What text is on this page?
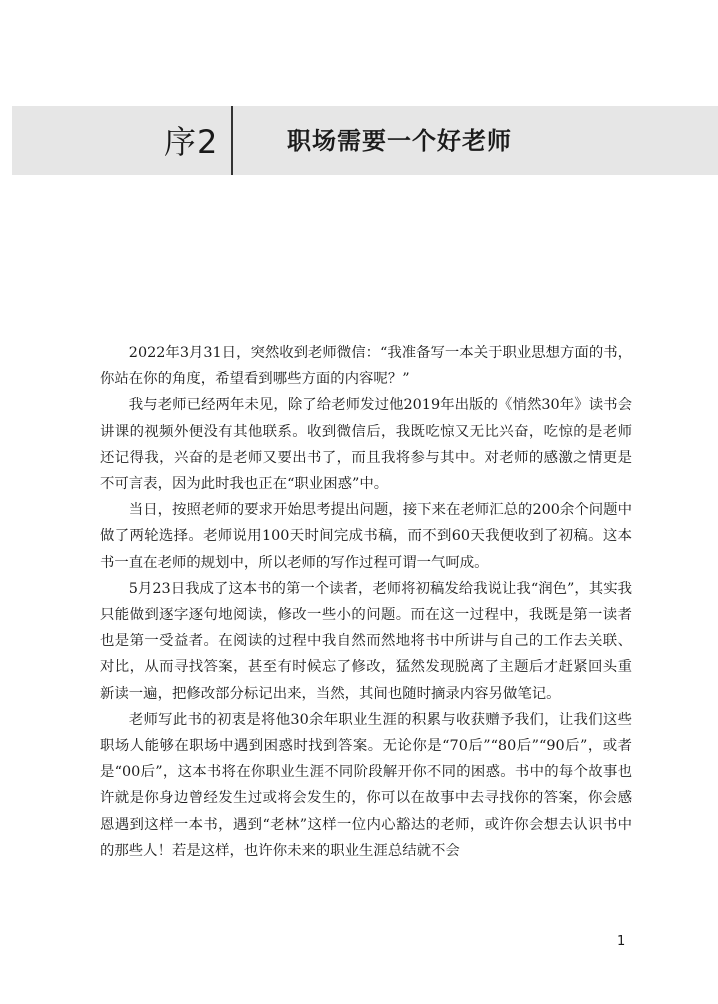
序2	职场需要一个好老师

2022年3月31日，突然收到老师微信：“我准备写一本关于职业思想方面的书，你站在你的角度，希望看到哪些方面的内容呢？”

我与老师已经两年未见，除了给老师发过他2019年出版的《悄然30年》读书会讲课的视频外便没有其他联系。收到微信后，我既吃惊又无比兴奋，吃惊的是老师还记得我，兴奋的是老师又要出书了，而且我将参与其中。对老师的感激之情更是不可言表，因为此时我也正在“职业困惑”中。

当日，按照老师的要求开始思考提出问题，接下来在老师汇总的200余个问题中做了两轮选择。老师说用100天时间完成书稿，而不到60天我便收到了初稿。这本书一直在老师的规划中，所以老师的写作过程可谓一气呵成。

5月23日我成了这本书的第一个读者，老师将初稿发给我说让我“润色”，其实我只能做到逐字逐句地阅读，修改一些小的问题。而在这一过程中，我既是第一读者也是第一受益者。在阅读的过程中我自然而然地将书中所讲与自己的工作去关联、对比，从而寻找答案，甚至有时候忘了修改，猛然发现脱离了主题后才赶紧回头重新读一遍，把修改部分标记出来，当然，其间也随时摘录内容另做笔记。

老师写此书的初衷是将他30余年职业生涯的积累与收获赠予我们，让我们这些职场人能够在职场中遇到困惑时找到答案。无论你是“70后”“80后”“90后”，或者是“00后”，这本书将在你职业生涯不同阶段解开你不同的困惑。书中的每个故事也许就是你身边曾经发生过或将会发生的，你可以在故事中去寻找你的答案，你会感恩遇到这样一本书，遇到“老林”这样一位内心豁达的老师，或许你会想去认识书中的那些人！若是这样，也许你未来的职业生涯总结就不会

1
